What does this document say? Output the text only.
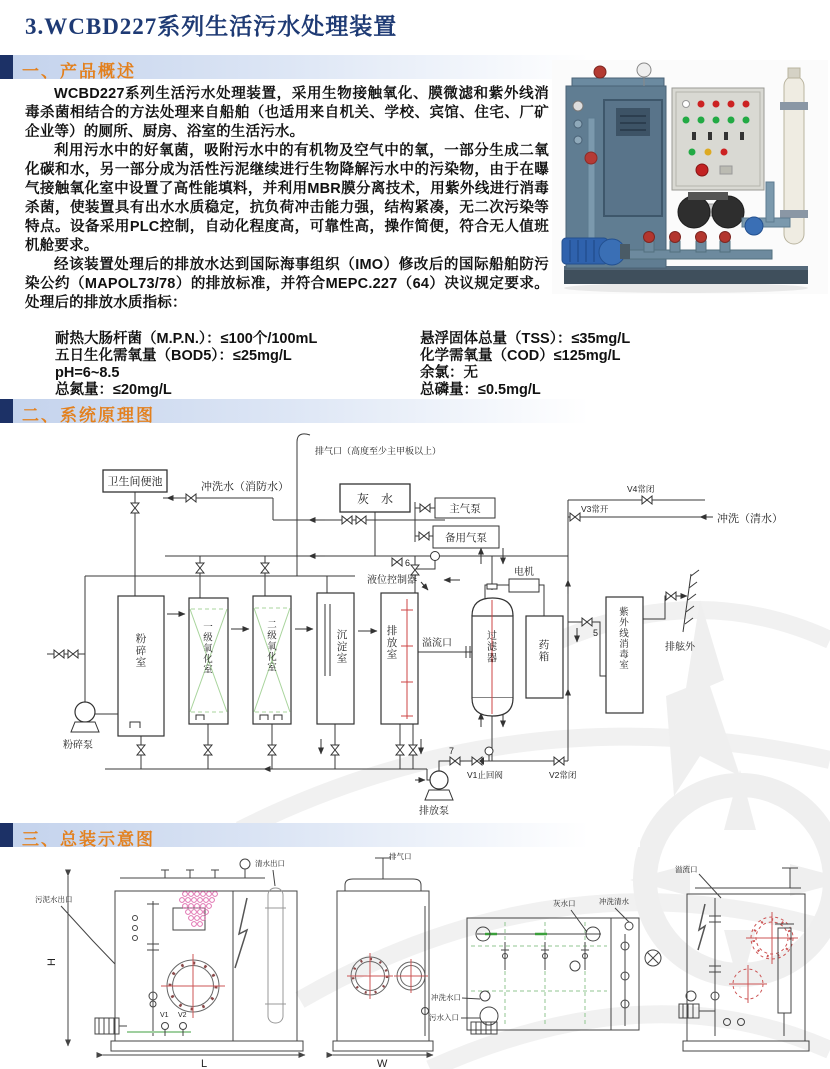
3.WCBD227系列生活污水处理装置
一、产品概述

WCBD227系列生活污水处理装置，采用生物接触氧化、膜微滤和紫外线消毒杀菌相结合的方法处理来自船舶（也适用来自机关、学校、宾馆、住宅、厂矿企业等）的厕所、厨房、浴室的生活污水。

利用污水中的好氧菌，吸附污水中的有机物及空气中的氧，一部分生成二氧化碳和水，另一部分成为活性污泥继续进行生物降解污水中的污染物，由于在曝气接触氧化室中设置了高性能填料，并利用MBR膜分离技术，用紫外线进行消毒杀菌，使装置具有出水水质稳定，抗负荷冲击能力强，结构紧凑，无二次污染等特点。设备采用PLC控制，自动化程度高，可靠性高，操作简便，符合无人值班机舱要求。

经该装置处理后的排放水达到国际海事组织（IMO）修改后的国际船舶防污染公约（MAPOL73/78）的排放标准，并符合MEPC.227（64）决议规定要求。处理后的排放水质指标：

耐热大肠杆菌（M.P.N.）：≤100个/100mL	悬浮固体总量（TSS）：≤35mg/L
五日生化需氧量（BOD5）：≤25mg/L	化学需氧量（COD）≤125mg/L
pH=6~8.5	余氯：无
总氮量：≤20mg/L	总磷量：≤0.5mg/L
二、系统原理图
卫生间便池
灰　水
主气泵
备用气泵
电机
粉碎室
一级氧化室
二级氧化室
沉淀室
排放室
过滤器
药箱
紫外线消毒室
粉碎泵
排放泵
排气口（高度至少主甲板以上）
冲洗水（消防水）	V4常闭
V3常开
冲洗（清水）
液位控制器
6
溢流口
5
7
V1止回阀	V2常闭
排舷外
三、总装示意图
污泥水出口
清水出口
V1 V2
H
L
排气口
W
灰水口	冲洗清水
冲洗水口
污水入口
溢流口
